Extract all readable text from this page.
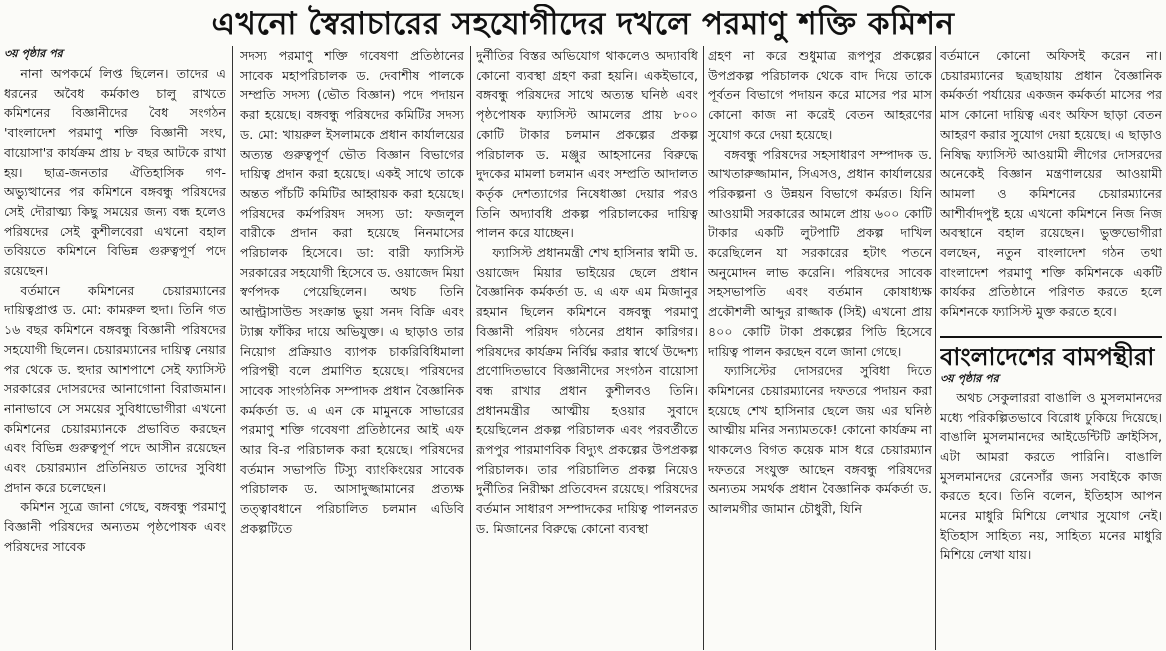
এখনো স্বৈরাচারের সহযোগীদের দখলে পরমাণু শক্তি কমিশন
৩য় পৃষ্ঠার পর

নানা অপকর্মে লিপ্ত ছিলেন। তাদের এ ধরনের অবৈধ কর্মকাণ্ড চালু রাখতে কমিশনের বিজ্ঞানীদের বৈধ সংগঠন 'বাংলাদেশ পরমাণু শক্তি বিজ্ঞানী সংঘ, বায়োসা'র কার্যক্রম প্রায় ৮ বছর আটকে রাখা হয়। ছাত্র-জনতার ঐতিহাসিক গণ-অভ্যুত্থানের পর কমিশনে বঙ্গবন্ধু পরিষদের সেই দৌরাত্ম্য কিছু সময়ের জন্য বন্ধ হলেও পরিষদের সেই কুশীলবেরা এখনো বহাল তবিয়তে কমিশনে বিভিন্ন গুরুত্বপূর্ণ পদে রয়েছেন।

বর্তমানে কমিশনের চেয়ারম্যানের দায়িত্বপ্রাপ্ত ড. মো: কামরুল হুদা। তিনি গত ১৬ বছর কমিশনে বঙ্গবন্ধু বিজ্ঞানী পরিষদের সহযোগী ছিলেন। চেয়ারম্যানের দায়িত্ব নেয়ার পর থেকে ড. হুদার আশপাশে সেই ফ্যাসিস্ট সরকারের দোসরদের আনাগোনা বিরাজমান। নানাভাবে সে সময়ের সুবিধাভোগীরা এখনো কমিশনের চেয়ারম্যানকে প্রভাবিত করছেন এবং বিভিন্ন গুরুত্বপূর্ণ পদে আসীন রয়েছেন এবং চেয়ারম্যান প্রতিনিয়ত তাদের সুবিধা প্রদান করে চলেছেন।

কমিশন সূত্রে জানা গেছে, বঙ্গবন্ধু পরমাণু বিজ্ঞানী পরিষদের অন্যতম পৃষ্ঠপোষক এবং পরিষদের সাবেক

সদস্য পরমাণু শক্তি গবেষণা প্রতিষ্ঠানের সাবেক মহাপরিচালক ড. দেবাশীষ পালকে সম্প্রতি সদস্য (ভৌত বিজ্ঞান) পদে পদায়ন করা হয়েছে। বঙ্গবন্ধু পরিষদের কমিটির সদস্য ড. মো: খায়রুল ইসলামকে প্রধান কার্যালয়ের অত্যন্ত গুরুত্বপূর্ণ ভৌত বিজ্ঞান বিভাগের দায়িত্ব প্রদান করা হয়েছে। একই সাথে তাকে অন্তত পাঁচটি কমিটির আহ্বায়ক করা হয়েছে। পরিষদের কর্মপরিষদ সদস্য ডা: ফজলুল বারীকে প্রদান করা হয়েছে নিনমাসের পরিচালক হিসেবে। ডা: বারী ফ্যাসিস্ট সরকারের সহযোগী হিসেবে ড. ওয়াজেদ মিয়া স্বর্ণপদক পেয়েছিলেন। অথচ তিনি আল্ট্রাসাউন্ড সংক্রান্ত ভুয়া সনদ বিক্রি এবং ট্যাক্স ফাঁকির দায়ে অভিযুক্ত। এ ছাড়াও তার নিয়োগ প্রক্রিয়াও ব্যাপক চাকরিবিধিমালা পরিপন্থী বলে প্রমাণিত হয়েছে। পরিষদের সাবেক সাংগঠনিক সম্পাদক প্রধান বৈজ্ঞানিক কর্মকর্তা ড. এ এন কে মামুনকে সাভারের পরমাণু শক্তি গবেষণা প্রতিষ্ঠানের আই এফ আর বি-র পরিচালক করা হয়েছে। পরিষদের বর্তমান সভাপতি টিস্যু ব্যাংকিংয়ের সাবেক পরিচালক ড. আসাদুজ্জামানের প্রত্যক্ষ তত্ত্বাবধানে পরিচালিত চলমান এডিবি প্রকল্পটিতে

দুর্নীতির বিস্তর অভিযোগ থাকলেও অদ্যাবধি কোনো ব্যবস্থা গ্রহণ করা হয়নি। একইভাবে, বঙ্গবন্ধু পরিষদের সাথে অত্যন্ত ঘনিষ্ঠ এবং পৃষ্ঠপোষক ফ্যাসিস্ট আমলের প্রায় ৮০০ কোটি টাকার চলমান প্রকল্পের প্রকল্প পরিচালক ড. মঞ্জুর আহসানের বিরুদ্ধে দুদকের মামলা চলমান এবং সম্প্রতি আদালত কর্তৃক দেশত্যাগের নিষেধাজ্ঞা দেয়ার পরও তিনি অদ্যাবধি প্রকল্প পরিচালকের দায়িত্ব পালন করে যাচ্ছেন।

ফ্যাসিস্ট প্রধানমন্ত্রী শেখ হাসিনার স্বামী ড. ওয়াজেদ মিয়ার ভাইয়ের ছেলে প্রধান বৈজ্ঞানিক কর্মকর্তা ড. এ এফ এম মিজানুর রহমান ছিলেন কমিশনে বঙ্গবন্ধু পরমাণু বিজ্ঞানী পরিষদ গঠনের প্রধান কারিগর। পরিষদের কার্যক্রম নির্বিঘ্ন করার স্বার্থে উদ্দেশ্য প্রণোদিতভাবে বিজ্ঞানীদের সংগঠন বায়োসা বন্ধ রাখার প্রধান কুশীলবও তিনি। প্রধানমন্ত্রীর আত্মীয় হওয়ার সুবাদে হয়েছিলেন প্রকল্প পরিচালক এবং পরবর্তীতে রূপপুর পারমাণবিক বিদ্যুৎ প্রকল্পের উপপ্রকল্প পরিচালক। তার পরিচালিত প্রকল্প নিয়েও দুর্নীতির নিরীক্ষা প্রতিবেদন রয়েছে। পরিষদের বর্তমান সাধারণ সম্পাদকের দায়িত্ব পালনরত ড. মিজানের বিরুদ্ধে কোনো ব্যবস্থা

গ্রহণ না করে শুধুমাত্র রূপপুর প্রকল্পের উপপ্রকল্প পরিচালক থেকে বাদ দিয়ে তাকে পূর্বতন বিভাগে পদায়ন করে মাসের পর মাস কোনো কাজ না করেই বেতন আহরণের সুযোগ করে দেয়া হয়েছে।

বঙ্গবন্ধু পরিষদের সহসাধারণ সম্পাদক ড. আখতারুজ্জামান, সিএসও, প্রধান কার্যালয়ের পরিকল্পনা ও উন্নয়ন বিভাগে কর্মরত। যিনি আওয়ামী সরকারের আমলে প্রায় ৬০০ কোটি টাকার একটি লুটপাটি প্রকল্প দাখিল করেছিলেন যা সরকারের হটাৎ পতনে অনুমোদন লাভ করেনি। পরিষদের সাবেক সহসভাপতি এবং বর্তমান কোষাধ্যক্ষ প্রকৌশলী আব্দুর রাজ্জাক (সিই) এখনো প্রায় ৪০০ কোটি টাকা প্রকল্পের পিডি হিসেবে দায়িত্ব পালন করছেন বলে জানা গেছে।

ফ্যাসিস্টের দোসরদের সুবিধা দিতে কমিশনের চেয়ারম্যানের দফতরে পদায়ন করা হয়েছে শেখ হাসিনার ছেলে জয় এর ঘনিষ্ঠ আত্মীয় মনির সন্যামতকে! কোনো কার্যক্রম না থাকলেও বিগত কয়েক মাস ধরে চেয়ারম্যান দফতরে সংযুক্ত আছেন বঙ্গবন্ধু পরিষদের অন্যতম সমর্থক প্রধান বৈজ্ঞানিক কর্মকর্তা ড. আলমগীর জামান চৌধুরী, যিনি

বর্তমানে কোনো অফিসই করেন না। চেয়ারম্যানের ছত্রছায়ায় প্রধান বৈজ্ঞানিক কর্মকর্তা পর্যায়ের একজন কর্মকর্তা মাসের পর মাস কোনো দায়িত্ব এবং অফিস ছাড়া বেতন আহরণ করার সুযোগ দেয়া হয়েছে। এ ছাড়াও নিষিদ্ধ ফ্যাসিস্ট আওয়ামী লীগের দোসরদের অনেকেই বিজ্ঞান মন্ত্রণালয়ের আওয়ামী আমলা ও কমিশনের চেয়ারম্যানের আশীর্বাদপুষ্ট হয়ে এখনো কমিশনে নিজ নিজ অবস্থানে বহাল রয়েছেন। ভুক্তভোগীরা বলছেন, নতুন বাংলাদেশ গঠন তথা বাংলাদেশ পরমাণু শক্তি কমিশনকে একটি কার্যকর প্রতিষ্ঠানে পরিণত করতে হলে কমিশনকে ফ্যাসিস্ট মুক্ত করতে হবে।

বাংলাদেশের বামপন্থীরা
৩য় পৃষ্ঠার পর

অথচ সেকুলাররা বাঙালি ও মুসলমানদের মধ্যে পরিকল্পিতভাবে বিরোধ ঢুকিয়ে দিয়েছে। বাঙালি মুসলমানদের আইডেন্টিটি ক্রাইসিস, এটা আমরা করতে পারিনি। বাঙালি মুসলমানদের রেনেসাঁর জন্য সবাইকে কাজ করতে হবে। তিনি বলেন, ইতিহাস আপন মনের মাধুরি মিশিয়ে লেখার সুযোগ নেই। ইতিহাস সাহিত্য নয়, সাহিত্য মনের মাধুরি মিশিয়ে লেখা যায়।
